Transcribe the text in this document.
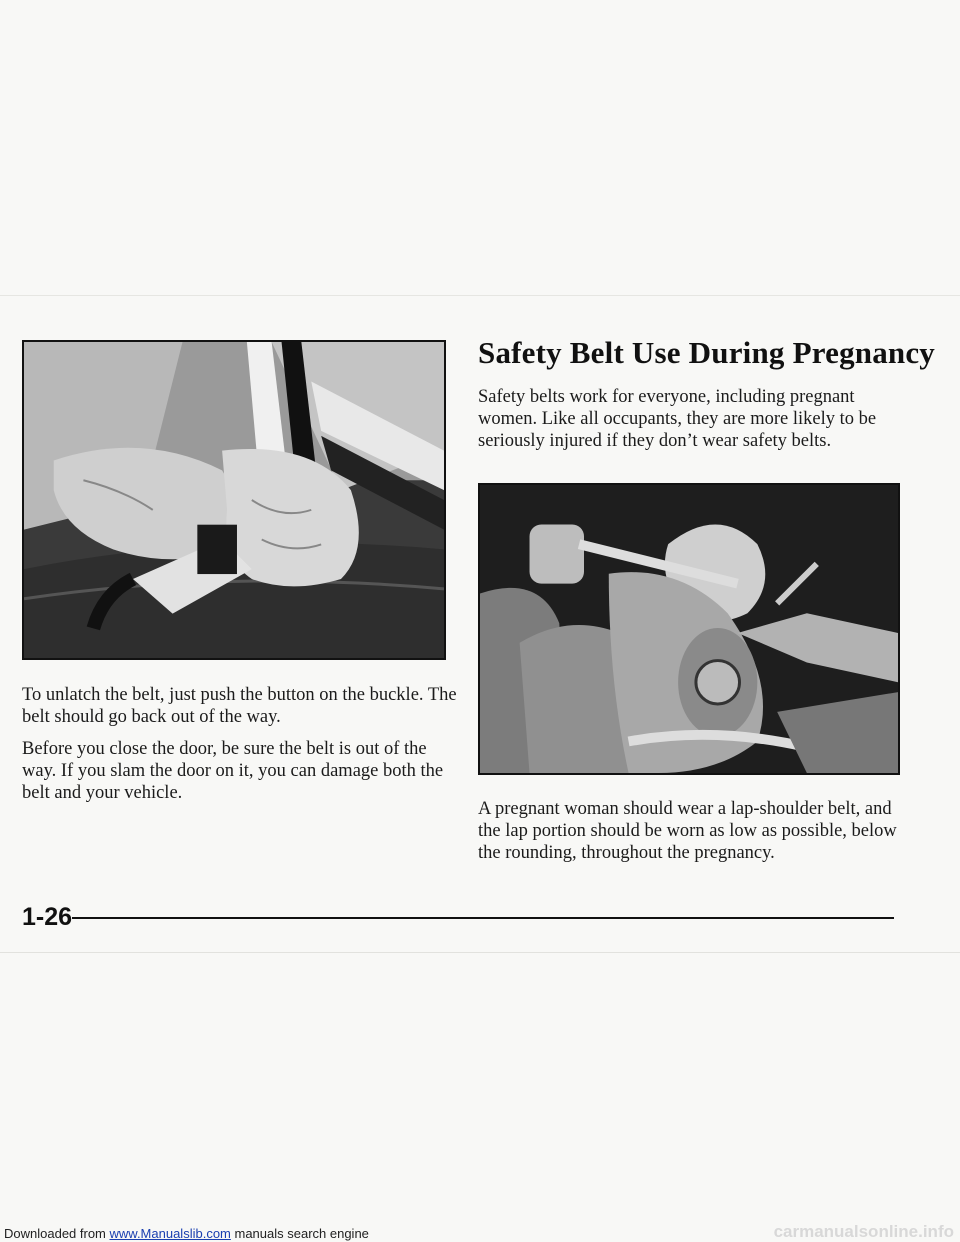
Safety Belt Use During Pregnancy

Safety belts work for everyone, including pregnant women. Like all occupants, they are more likely to be seriously injured if they don’t wear safety belts.

To unlatch the belt, just push the button on the buckle. The belt should go back out of the way.

Before you close the door, be sure the belt is out of the way. If you slam the door on it, you can damage both the belt and your vehicle.

A pregnant woman should wear a lap-shoulder belt, and the lap portion should be worn as low as possible, below the rounding, throughout the pregnancy.

1-26

Downloaded from www.Manualslib.com manuals search engine	carmanualsonline.info
